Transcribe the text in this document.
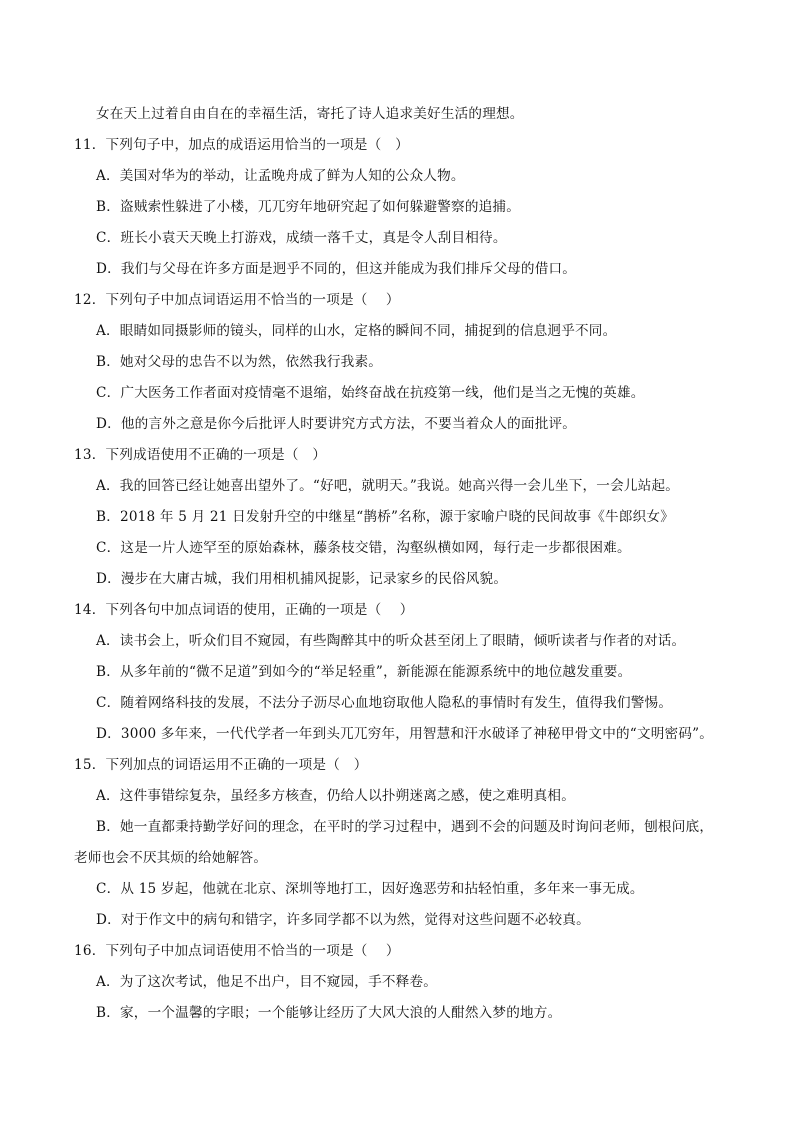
女在天上过着自由自在的幸福生活，寄托了诗人追求美好生活的理想。
11．下列句子中，加点的成语运用恰当的一项是（　）
A．美国对华为的举动，让孟晚舟成了鲜为人知的公众人物。
B．盗贼索性躲进了小楼，兀兀穷年地研究起了如何躲避警察的追捕。
C．班长小袁天天晚上打游戏，成绩一落千丈，真是令人刮目相待。
D．我们与父母在许多方面是迥乎不同的，但这并能成为我们排斥父母的借口。
12．下列句子中加点词语运用不恰当的一项是（　 ）
A．眼睛如同摄影师的镜头，同样的山水，定格的瞬间不同，捕捉到的信息迥乎不同。
B．她对父母的忠告不以为然，依然我行我素。
C．广大医务工作者面对疫情毫不退缩，始终奋战在抗疫第一线，他们是当之无愧的英雄。
D．他的言外之意是你今后批评人时要讲究方式方法，不要当着众人的面批评。
13．下列成语使用不正确的一项是（　）
A．我的回答已经让她喜出望外了。“好吧，就明天。”我说。她高兴得一会儿坐下，一会儿站起。
B．2018 年 5 月 21 日发射升空的中继星“鹊桥”名称，源于家喻户晓的民间故事《牛郎织女》
C．这是一片人迹罕至的原始森林，藤条枝交错，沟壑纵横如网，每行走一步都很困难。
D．漫步在大庸古城，我们用相机捕风捉影，记录家乡的民俗风貌。
14．下列各句中加点词语的使用，正确的一项是（　 ）
A．读书会上，听众们目不窥园，有些陶醉其中的听众甚至闭上了眼睛，倾听读者与作者的对话。
B．从多年前的“微不足道”到如今的“举足轻重”，新能源在能源系统中的地位越发重要。
C．随着网络科技的发展，不法分子沥尽心血地窃取他人隐私的事情时有发生，值得我们警惕。
D．3000 多年来，一代代学者一年到头兀兀穷年，用智慧和汗水破译了神秘甲骨文中的“文明密码”。
15．下列加点的词语运用不正确的一项是（　）
A．这件事错综复杂，虽经多方核查，仍给人以扑朔迷离之感，使之难明真相。
B．她一直都秉持勤学好问的理念，在平时的学习过程中，遇到不会的问题及时询问老师，刨根问底，
老师也会不厌其烦的给她解答。
C．从 15 岁起，他就在北京、深圳等地打工，因好逸恶劳和拈轻怕重，多年来一事无成。
D．对于作文中的病句和错字，许多同学都不以为然，觉得对这些问题不必较真。
16．下列句子中加点词语使用不恰当的一项是（　 ）
A．为了这次考试，他足不出户，目不窥园，手不释卷。
B．家，一个温馨的字眼；一个能够让经历了大风大浪的人酣然入梦的地方。
